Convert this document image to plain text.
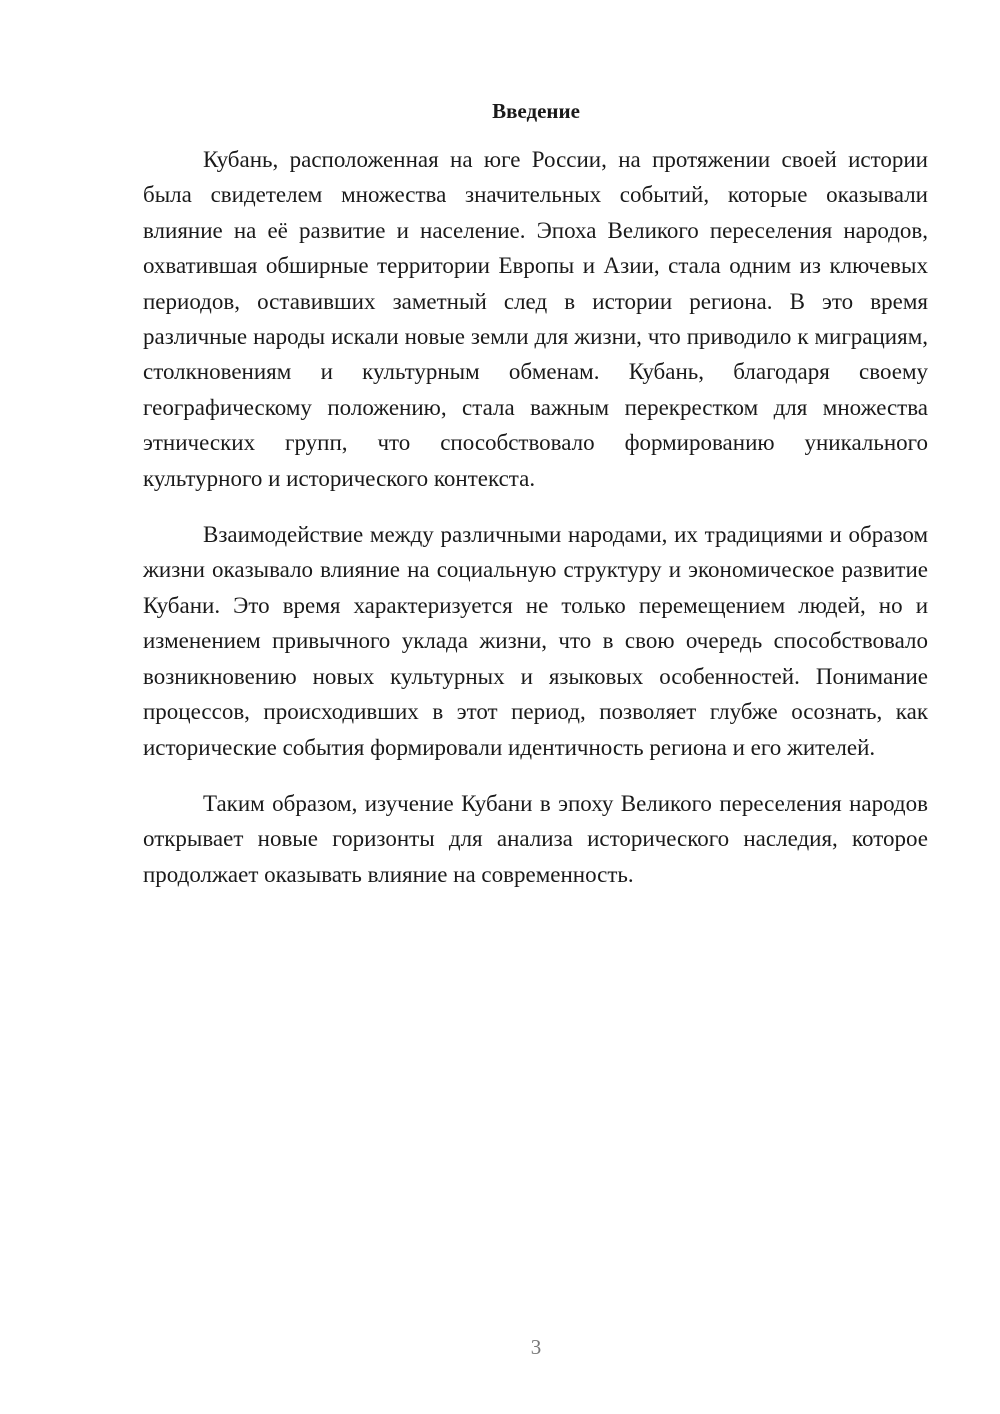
Введение

Кубань, расположенная на юге России, на протяжении своей истории была свидетелем множества значительных событий, которые оказывали влияние на её развитие и население. Эпоха Великого переселения народов, охватившая обширные территории Европы и Азии, стала одним из ключевых периодов, оставивших заметный след в истории региона. В это время различные народы искали новые земли для жизни, что приводило к миграциям, столкновениям и культурным обменам. Кубань, благодаря своему географическому положению, стала важным перекрестком для множества этнических групп, что способствовало формированию уникального культурного и исторического контекста.

Взаимодействие между различными народами, их традициями и образом жизни оказывало влияние на социальную структуру и экономическое развитие Кубани. Это время характеризуется не только перемещением людей, но и изменением привычного уклада жизни, что в свою очередь способствовало возникновению новых культурных и языковых особенностей. Понимание процессов, происходивших в этот период, позволяет глубже осознать, как исторические события формировали идентичность региона и его жителей.

Таким образом, изучение Кубани в эпоху Великого переселения народов открывает новые горизонты для анализа исторического наследия, которое продолжает оказывать влияние на современность.

3
